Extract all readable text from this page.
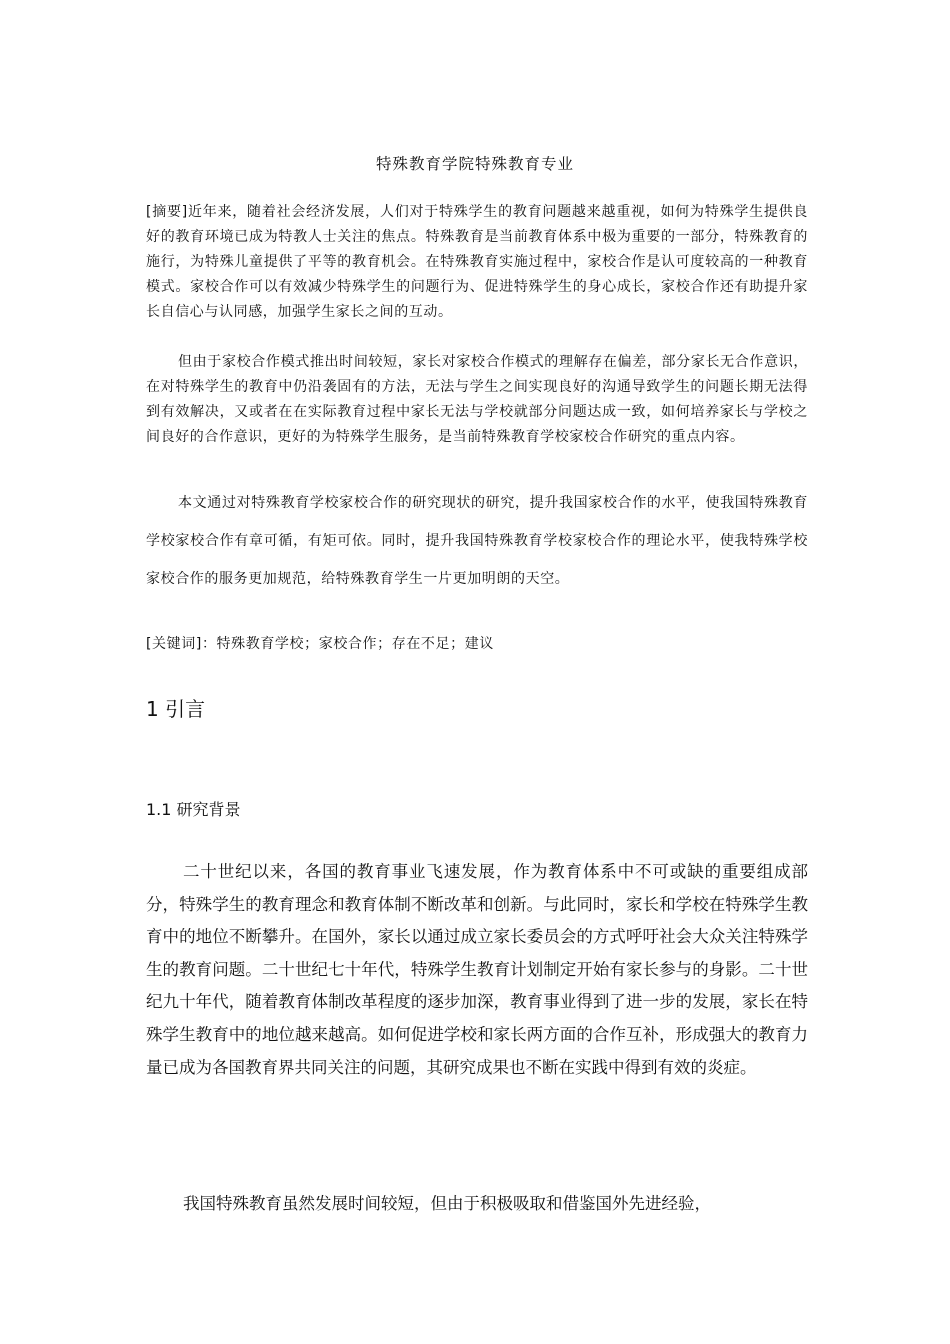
特殊教育学院特殊教育专业

[摘要]近年来，随着社会经济发展，人们对于特殊学生的教育问题越来越重视，如何为特殊学生提供良好的教育环境已成为特教人士关注的焦点。特殊教育是当前教育体系中极为重要的一部分，特殊教育的施行，为特殊儿童提供了平等的教育机会。在特殊教育实施过程中，家校合作是认可度较高的一种教育模式。家校合作可以有效减少特殊学生的问题行为、促进特殊学生的身心成长，家校合作还有助提升家长自信心与认同感，加强学生家长之间的互动。

但由于家校合作模式推出时间较短，家长对家校合作模式的理解存在偏差，部分家长无合作意识，在对特殊学生的教育中仍沿袭固有的方法，无法与学生之间实现良好的沟通导致学生的问题长期无法得到有效解决，又或者在在实际教育过程中家长无法与学校就部分问题达成一致，如何培养家长与学校之间良好的合作意识，更好的为特殊学生服务，是当前特殊教育学校家校合作研究的重点内容。

本文通过对特殊教育学校家校合作的研究现状的研究，提升我国家校合作的水平，使我国特殊教育学校家校合作有章可循，有矩可依。同时，提升我国特殊教育学校家校合作的理论水平，使我特殊学校家校合作的服务更加规范，给特殊教育学生一片更加明朗的天空。

[关键词]：特殊教育学校；家校合作；存在不足；建议

1 引言
1.1 研究背景

二十世纪以来，各国的教育事业飞速发展，作为教育体系中不可或缺的重要组成部分，特殊学生的教育理念和教育体制不断改革和创新。与此同时，家长和学校在特殊学生教育中的地位不断攀升。在国外，家长以通过成立家长委员会的方式呼吁社会大众关注特殊学生的教育问题。二十世纪七十年代，特殊学生教育计划制定开始有家长参与的身影。二十世纪九十年代，随着教育体制改革程度的逐步加深，教育事业得到了进一步的发展，家长在特殊学生教育中的地位越来越高。如何促进学校和家长两方面的合作互补，形成强大的教育力量已成为各国教育界共同关注的问题，其研究成果也不断在实践中得到有效的炎症。

我国特殊教育虽然发展时间较短，但由于积极吸取和借鉴国外先进经验，
